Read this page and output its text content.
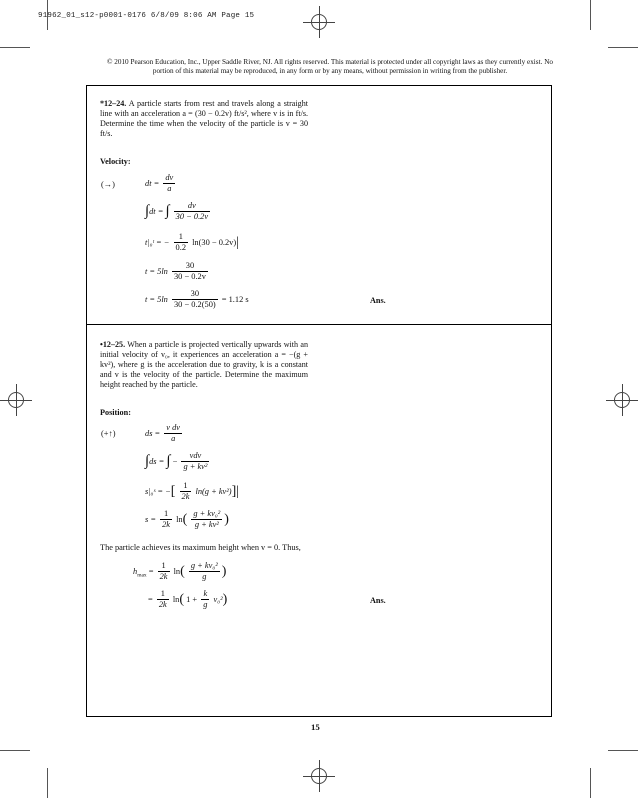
91962_01_s12-p0001-0176 6/8/09 8:06 AM Page 15
© 2010 Pearson Education, Inc., Upper Saddle River, NJ. All rights reserved. This material is protected under all copyright laws as they currently exist. No portion of this material may be reproduced, in any form or by any means, without permission in writing from the publisher.
*12–24. A particle starts from rest and travels along a straight line with an acceleration a = (30 − 0.2v) ft/s², where v is in ft/s. Determine the time when the velocity of the particle is v = 30 ft/s.
Velocity:
(→)	dt = $\frac{dv}{a}$
∫dt = ∫ $\frac{dv}{30 - 0.2v}$
t|₀ᵗ = − $\frac{1}{0.2} \ln(30 - 0.2v)|$
$t = 5\ln \frac{30}{30 - 0.2v}$
$t = 5\ln \frac{30}{30 - 0.2(50)} = 1.12$ s	Ans.
•12–25. When a particle is projected vertically upwards with an initial velocity of v₀, it experiences an acceleration a = −(g + kv²), where g is the acceleration due to gravity, k is a constant and v is the velocity of the particle. Determine the maximum height reached by the particle.
Position:
(+↑)	ds = $\frac{\text{v dv}}{a}$
∫ds = ∫ − $\frac{\text{vdv}}{\text{g + kv²}}$
s|₀ˢ = −[ $\frac{1}{2k} \ln(g + kv^2)]|$
$s = \frac{1}{2k} \ln( \frac{\text{g + kv₀²}}{\text{g + kv²}}$ )
The particle achieves its maximum height when v = 0. Thus,
$h_{max} = \frac{1}{2k} \ln( \frac{\text{g + kv₀²}}{g}$ )
= $\frac{1}{2k} \ln$( $1 + \frac{k}{g} v_0^2$)	Ans.
15
